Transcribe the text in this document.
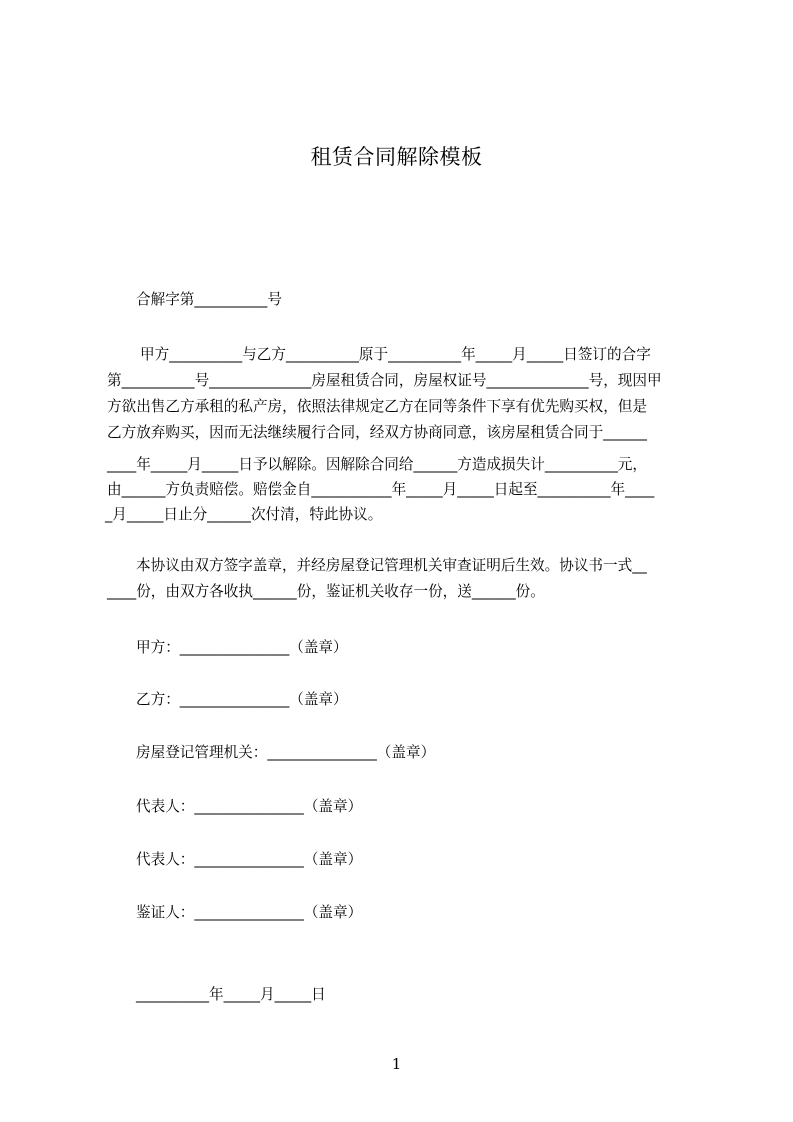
租赁合同解除模板
合解字第__________号
甲方__________与乙方__________原于__________年_____月_____日签订的合字
第__________号______________房屋租赁合同，房屋权证号______________号，现因甲
方欲出售乙方承租的私产房，依照法律规定乙方在同等条件下享有优先购买权，但是
乙方放弃购买，因而无法继续履行合同，经双方协商同意，该房屋租赁合同于______
____年_____月_____日予以解除。因解除合同给______方造成损失计__________元，
由______方负责赔偿。赔偿金自___________年_____月_____日起至__________年____
_月_____日止分______次付清，特此协议。
本协议由双方签字盖章，并经房屋登记管理机关审查证明后生效。协议书一式__
____份，由双方各收执______份，鉴证机关收存一份，送______份。
甲方：_______________（盖章）
乙方：_______________（盖章）
房屋登记管理机关：_______________（盖章）
代表人：_______________（盖章）
代表人：_______________（盖章）
鉴证人：_______________（盖章）
__________年_____月_____日
1
